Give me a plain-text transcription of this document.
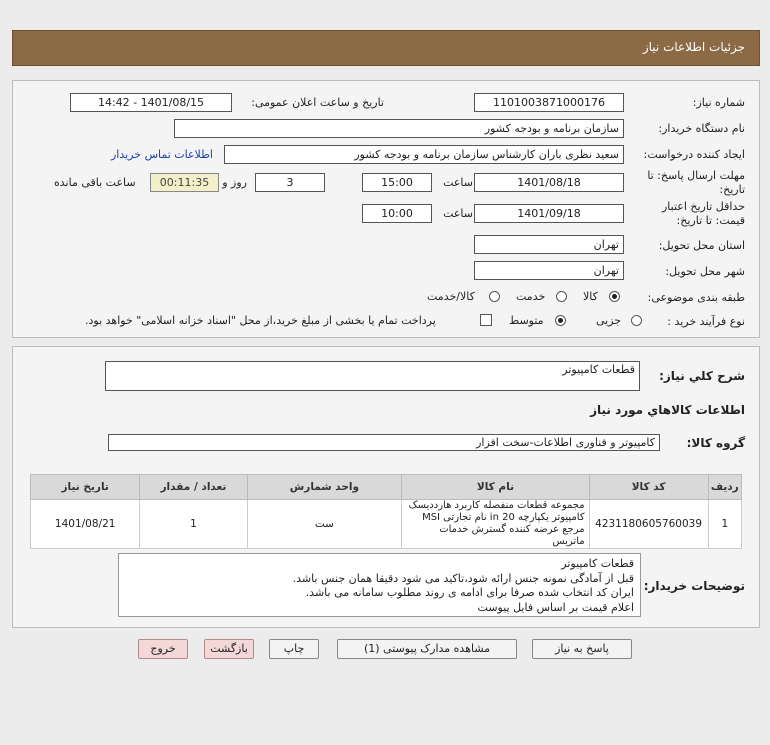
جزئیات اطلاعات نیاز
شماره نیاز:
1101003871000176
تاریخ و ساعت اعلان عمومی:
1401/08/15 - 14:42
نام دستگاه خریدار:
سازمان برنامه و بودجه کشور
ایجاد کننده درخواست:
سعید نظری باران کارشناس سازمان برنامه و بودجه کشور
اطلاعات تماس خریدار
مهلت ارسال پاسخ: تا
تاریخ:
1401/08/18
ساعت
15:00
3
روز و
00:11:35
ساعت باقی مانده
حداقل تاریخ اعتبار
قیمت: تا تاریخ:
1401/09/18
ساعت
10:00
استان محل تحویل:
تهران
شهر محل تحویل:
تهران
طبقه بندی موضوعی:
کالا
خدمت
کالا/خدمت
نوع فرآیند خرید :
جزیی
متوسط
پرداخت تمام یا بخشی از مبلغ خرید،از محل "اسناد خزانه اسلامی" خواهد بود.
شرح کلي نياز:
قطعات کامپیوتر
اطلاعات کالاهاي مورد نياز
گروه کالا:
کامپیوتر و فناوری اطلاعات-سخت افزار
ردیف	کد کالا	نام کالا	واحد شمارش	تعداد / مقدار	تاریخ نیاز
1	4231180605760039	مجموعه قطعات منفصله کاربرد هارددیسک کامپیوتر یکپارچه 20 in نام تجارتی MSI مرجع عرضه کننده گسترش خدمات ماتریس	ست	1	1401/08/21
توضیحات خریدار:
قطعات کامپیوتر
قبل از آمادگی نمونه جنس ارائه شود،تاکید می شود دقیقا همان جنس باشد.
ایران کد انتخاب شده صرفا برای ادامه ی روند مطلوب سامانه می باشد.
اعلام قیمت بر اساس فایل پیوست
پاسخ به نیاز
مشاهده مدارک پیوستی (1)
چاپ
بازگشت
خروج
